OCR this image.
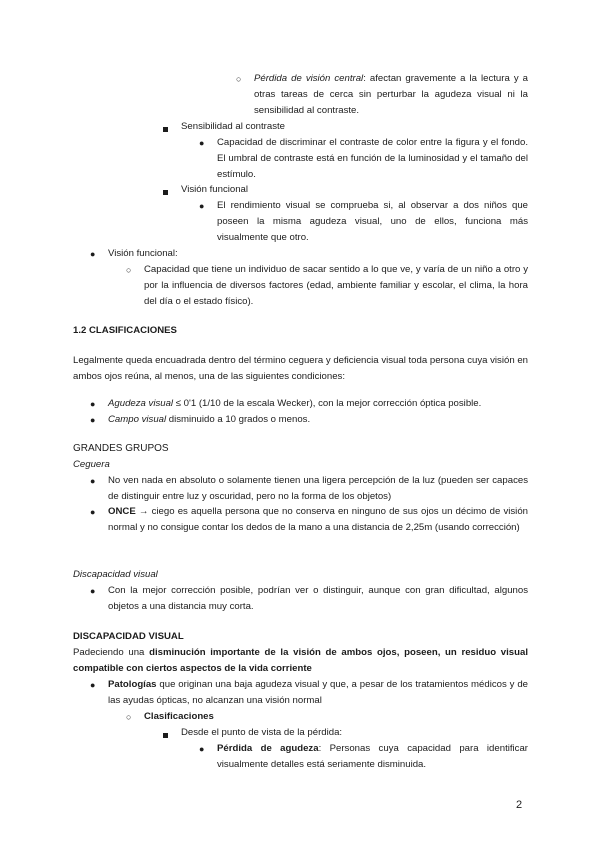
○ Pérdida de visión central: afectan gravemente a la lectura y a otras tareas de cerca sin perturbar la agudeza visual ni la sensibilidad al contraste.

Sensibilidad al contraste

● Capacidad de discriminar el contraste de color entre la figura y el fondo. El umbral de contraste está en función de la luminosidad y el tamaño del estímulo.

Visión funcional

● El rendimiento visual se comprueba si, al observar a dos niños que poseen la misma agudeza visual, uno de ellos, funciona más visualmente que otro.

● Visión funcional:

○ Capacidad que tiene un individuo de sacar sentido a lo que ve, y varía de un niño a otro y por la influencia de diversos factores (edad, ambiente familiar y escolar, el clima, la hora del día o el estado físico).

1.2 CLASIFICACIONES

Legalmente queda encuadrada dentro del término ceguera y deficiencia visual toda persona cuya visión en ambos ojos reúna, al menos, una de las siguientes condiciones:

● Agudeza visual ≤ 0'1 (1/10 de la escala Wecker), con la mejor corrección óptica posible.

● Campo visual disminuido a 10 grados o menos.

GRANDES GRUPOS

Ceguera

● No ven nada en absoluto o solamente tienen una ligera percepción de la luz (pueden ser capaces de distinguir entre luz y oscuridad, pero no la forma de los objetos)

● ONCE → ciego es aquella persona que no conserva en ninguno de sus ojos un décimo de visión normal y no consigue contar los dedos de la mano a una distancia de 2,25m (usando corrección)

Discapacidad visual

● Con la mejor corrección posible, podrían ver o distinguir, aunque con gran dificultad, algunos objetos a una distancia muy corta.

DISCAPACIDAD VISUAL

Padeciendo una disminución importante de la visión de ambos ojos, poseen, un residuo visual compatible con ciertos aspectos de la vida corriente

● Patologías que originan una baja agudeza visual y que, a pesar de los tratamientos médicos y de las ayudas ópticas, no alcanzan una visión normal

○ Clasificaciones

Desde el punto de vista de la pérdida:

● Pérdida de agudeza: Personas cuya capacidad para identificar visualmente detalles está seriamente disminuida.

2
